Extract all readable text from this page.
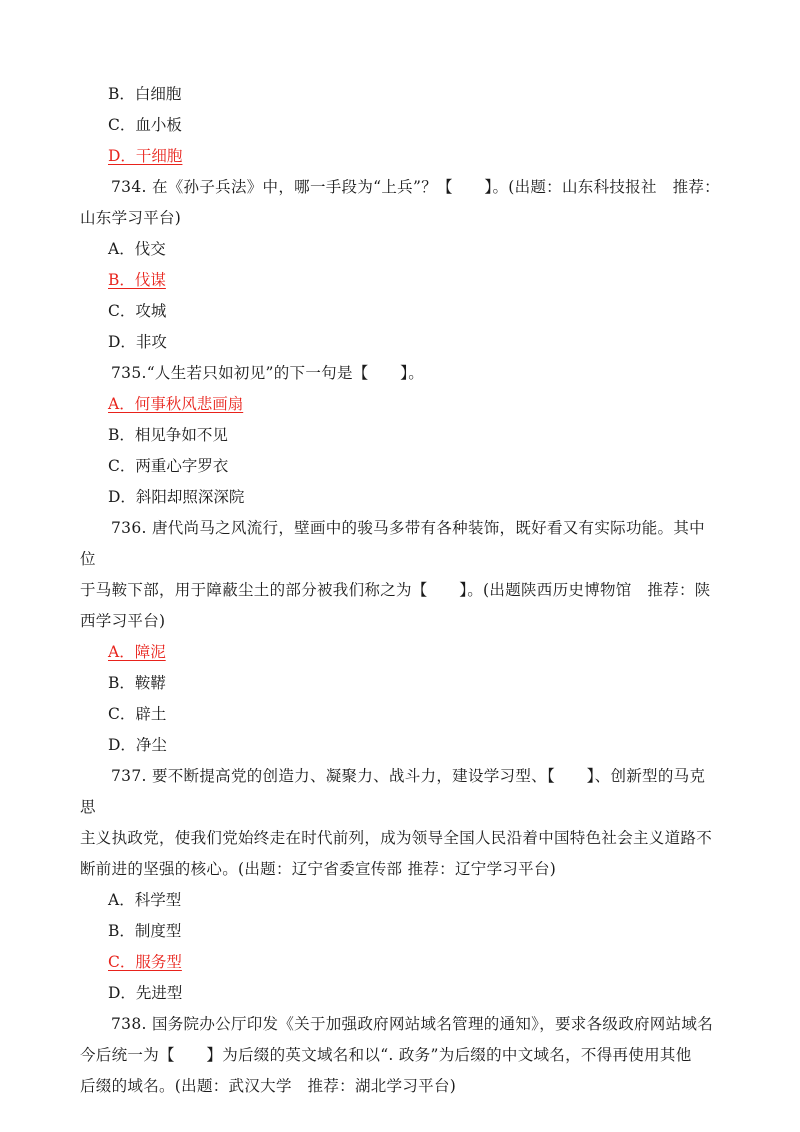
B．白细胞
C．血小板
D．干细胞
734. 在《孙子兵法》中，哪一手段为“上兵”？【　　】。(出题：山东科技报社　推荐：
山东学习平台)
A．伐交
B．伐谋
C．攻城
D．非攻
735.“人生若只如初见”的下一句是【　　】。
A．何事秋风悲画扇
B．相见争如不见
C．两重心字罗衣
D．斜阳却照深深院
736. 唐代尚马之风流行，壁画中的骏马多带有各种装饰，既好看又有实际功能。其中位
于马鞍下部，用于障蔽尘土的部分被我们称之为【　　】。(出题陕西历史博物馆　推荐：陕
西学习平台)
A．障泥
B．鞍鞯
C．辟土
D．净尘
737. 要不断提高党的创造力、凝聚力、战斗力，建设学习型、【　　】、创新型的马克思
主义执政党，使我们党始终走在时代前列，成为领导全国人民沿着中国特色社会主义道路不
断前进的坚强的核心。(出题：辽宁省委宣传部 推荐：辽宁学习平台)
A．科学型
B．制度型
C．服务型
D．先进型
738. 国务院办公厅印发《关于加强政府网站域名管理的通知》，要求各级政府网站域名
今后统一为【　　】为后缀的英文域名和以“. 政务”为后缀的中文域名，不得再使用其他
后缀的域名。(出题：武汉大学　推荐：湖北学习平台)
